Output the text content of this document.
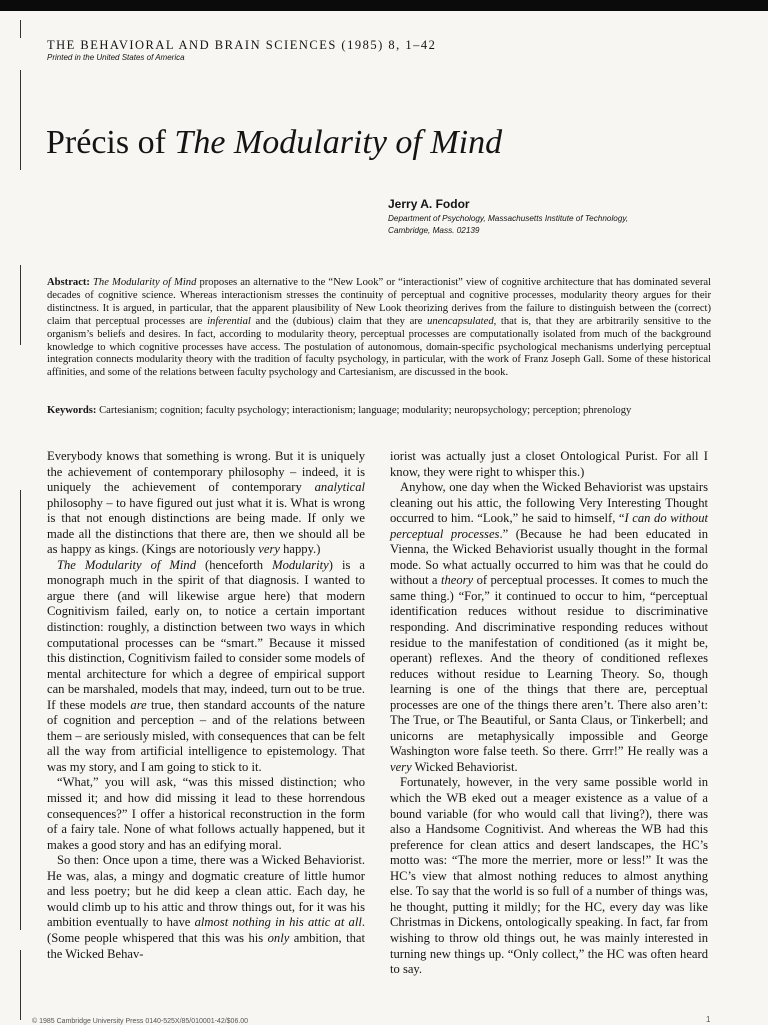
THE BEHAVIORAL AND BRAIN SCIENCES (1985) 8, 1–42

Printed in the United States of America

Précis of The Modularity of Mind

Jerry A. Fodor

Department of Psychology, Massachusetts Institute of Technology,
Cambridge, Mass. 02139

Abstract: The Modularity of Mind proposes an alternative to the “New Look” or “interactionist” view of cognitive architecture that has dominated several decades of cognitive science. Whereas interactionism stresses the continuity of perceptual and cognitive processes, modularity theory argues for their distinctness. It is argued, in particular, that the apparent plausibility of New Look theorizing derives from the failure to distinguish between the (correct) claim that perceptual processes are inferential and the (dubious) claim that they are unencapsulated, that is, that they are arbitrarily sensitive to the organism’s beliefs and desires. In fact, according to modularity theory, perceptual processes are computationally isolated from much of the background knowledge to which cognitive processes have access. The postulation of autonomous, domain-specific psychological mechanisms underlying perceptual integration connects modularity theory with the tradition of faculty psychology, in particular, with the work of Franz Joseph Gall. Some of these historical affinities, and some of the relations between faculty psychology and Cartesianism, are discussed in the book.

Keywords: Cartesianism; cognition; faculty psychology; interactionism; language; modularity; neuropsychology; perception; phrenology

Everybody knows that something is wrong. But it is uniquely the achievement of contemporary philosophy – indeed, it is uniquely the achievement of contemporary analytical philosophy – to have figured out just what it is. What is wrong is that not enough distinctions are being made. If only we made all the distinctions that there are, then we should all be as happy as kings. (Kings are notoriously very happy.)

The Modularity of Mind (henceforth Modularity) is a monograph much in the spirit of that diagnosis. I wanted to argue there (and will likewise argue here) that modern Cognitivism failed, early on, to notice a certain important distinction: roughly, a distinction between two ways in which computational processes can be “smart.” Because it missed this distinction, Cognitivism failed to consider some models of mental architecture for which a degree of empirical support can be marshaled, models that may, indeed, turn out to be true. If these models are true, then standard accounts of the nature of cognition and perception – and of the relations between them – are seriously misled, with consequences that can be felt all the way from artificial intelligence to epistemology. That was my story, and I am going to stick to it.

“What,” you will ask, “was this missed distinction; who missed it; and how did missing it lead to these horrendous consequences?” I offer a historical reconstruction in the form of a fairy tale. None of what follows actually happened, but it makes a good story and has an edifying moral.

So then: Once upon a time, there was a Wicked Behaviorist. He was, alas, a mingy and dogmatic creature of little humor and less poetry; but he did keep a clean attic. Each day, he would climb up to his attic and throw things out, for it was his ambition eventually to have almost nothing in his attic at all. (Some people whispered that this was his only ambition, that the Wicked Behav-

iorist was actually just a closet Ontological Purist. For all I know, they were right to whisper this.)

Anyhow, one day when the Wicked Behaviorist was upstairs cleaning out his attic, the following Very Interesting Thought occurred to him. “Look,” he said to himself, “I can do without perceptual processes.” (Because he had been educated in Vienna, the Wicked Behaviorist usually thought in the formal mode. So what actually occurred to him was that he could do without a theory of perceptual processes. It comes to much the same thing.) “For,” it continued to occur to him, “perceptual identification reduces without residue to discriminative responding. And discriminative responding reduces without residue to the manifestation of conditioned (as it might be, operant) reflexes. And the theory of conditioned reflexes reduces without residue to Learning Theory. So, though learning is one of the things that there are, perceptual processes are one of the things there aren’t. There also aren’t: The True, or The Beautiful, or Santa Claus, or Tinkerbell; and unicorns are metaphysically impossible and George Washington wore false teeth. So there. Grrr!” He really was a very Wicked Behaviorist.

Fortunately, however, in the very same possible world in which the WB eked out a meager existence as a value of a bound variable (for who would call that living?), there was also a Handsome Cognitivist. And whereas the WB had this preference for clean attics and desert landscapes, the HC’s motto was: “The more the merrier, more or less!” It was the HC’s view that almost nothing reduces to almost anything else. To say that the world is so full of a number of things was, he thought, putting it mildly; for the HC, every day was like Christmas in Dickens, ontologically speaking. In fact, far from wishing to throw old things out, he was mainly interested in turning new things up. “Only collect,” the HC was often heard to say.

© 1985 Cambridge University Press 0140-525X/85/010001-42/$06.00	1
